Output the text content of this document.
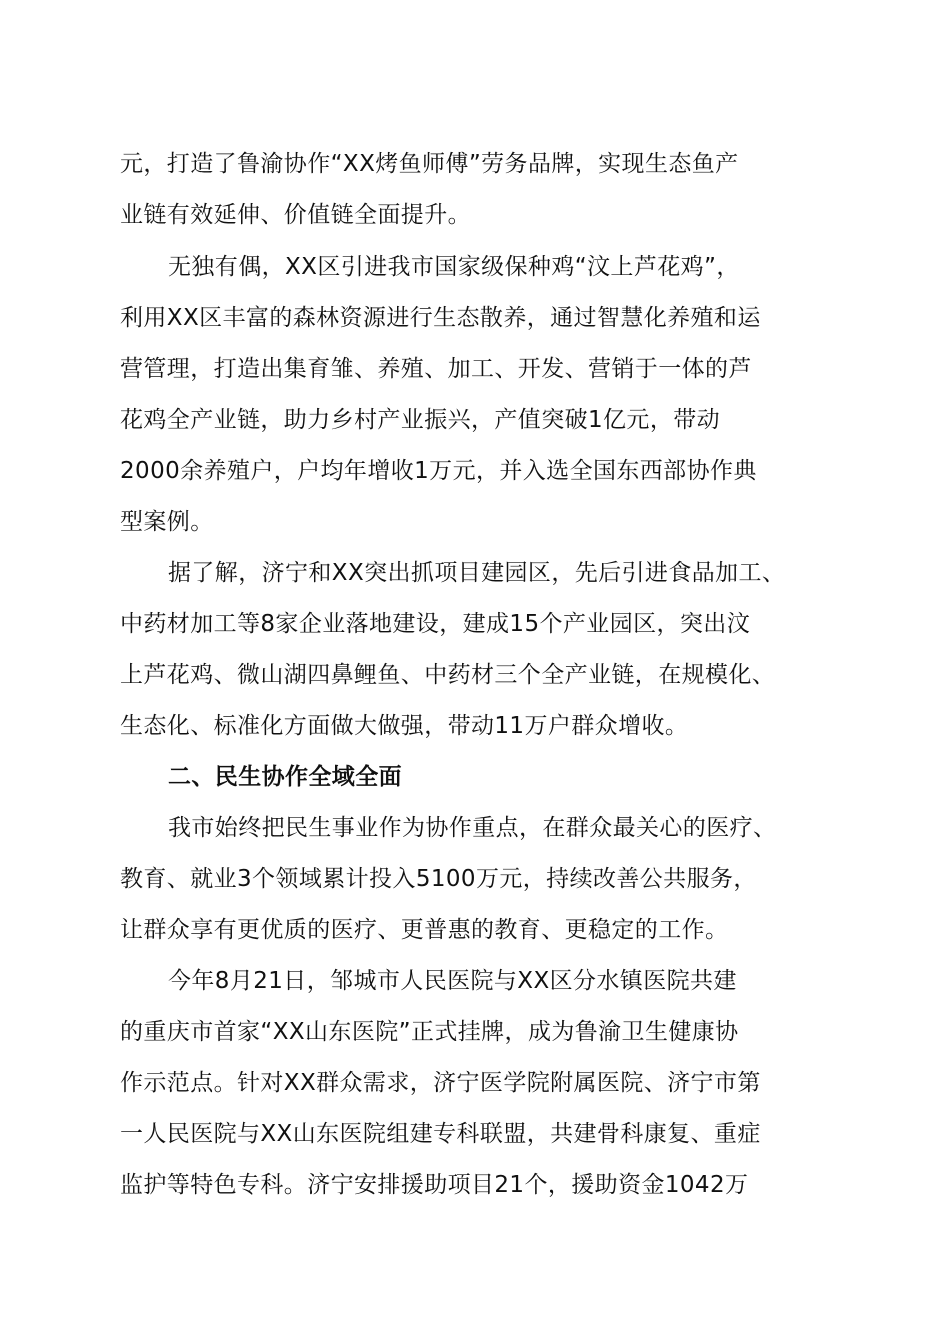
元，打造了鲁渝协作“XX烤鱼师傅”劳务品牌，实现生态鱼产
业链有效延伸、价值链全面提升。
无独有偶，XX区引进我市国家级保种鸡“汶上芦花鸡”，
利用XX区丰富的森林资源进行生态散养，通过智慧化养殖和运
营管理，打造出集育雏、养殖、加工、开发、营销于一体的芦
花鸡全产业链，助力乡村产业振兴，产值突破1亿元，带动
2000余养殖户，户均年增收1万元，并入选全国东西部协作典
型案例。
据了解，济宁和XX突出抓项目建园区，先后引进食品加工、
中药材加工等8家企业落地建设，建成15个产业园区，突出汶
上芦花鸡、微山湖四鼻鲤鱼、中药材三个全产业链，在规模化、
生态化、标准化方面做大做强，带动11万户群众增收。
二、民生协作全域全面
我市始终把民生事业作为协作重点，在群众最关心的医疗、
教育、就业3个领域累计投入5100万元，持续改善公共服务，
让群众享有更优质的医疗、更普惠的教育、更稳定的工作。
今年8月21日，邹城市人民医院与XX区分水镇医院共建
的重庆市首家“XX山东医院”正式挂牌，成为鲁渝卫生健康协
作示范点。针对XX群众需求，济宁医学院附属医院、济宁市第
一人民医院与XX山东医院组建专科联盟，共建骨科康复、重症
监护等特色专科。济宁安排援助项目21个，援助资金1042万
